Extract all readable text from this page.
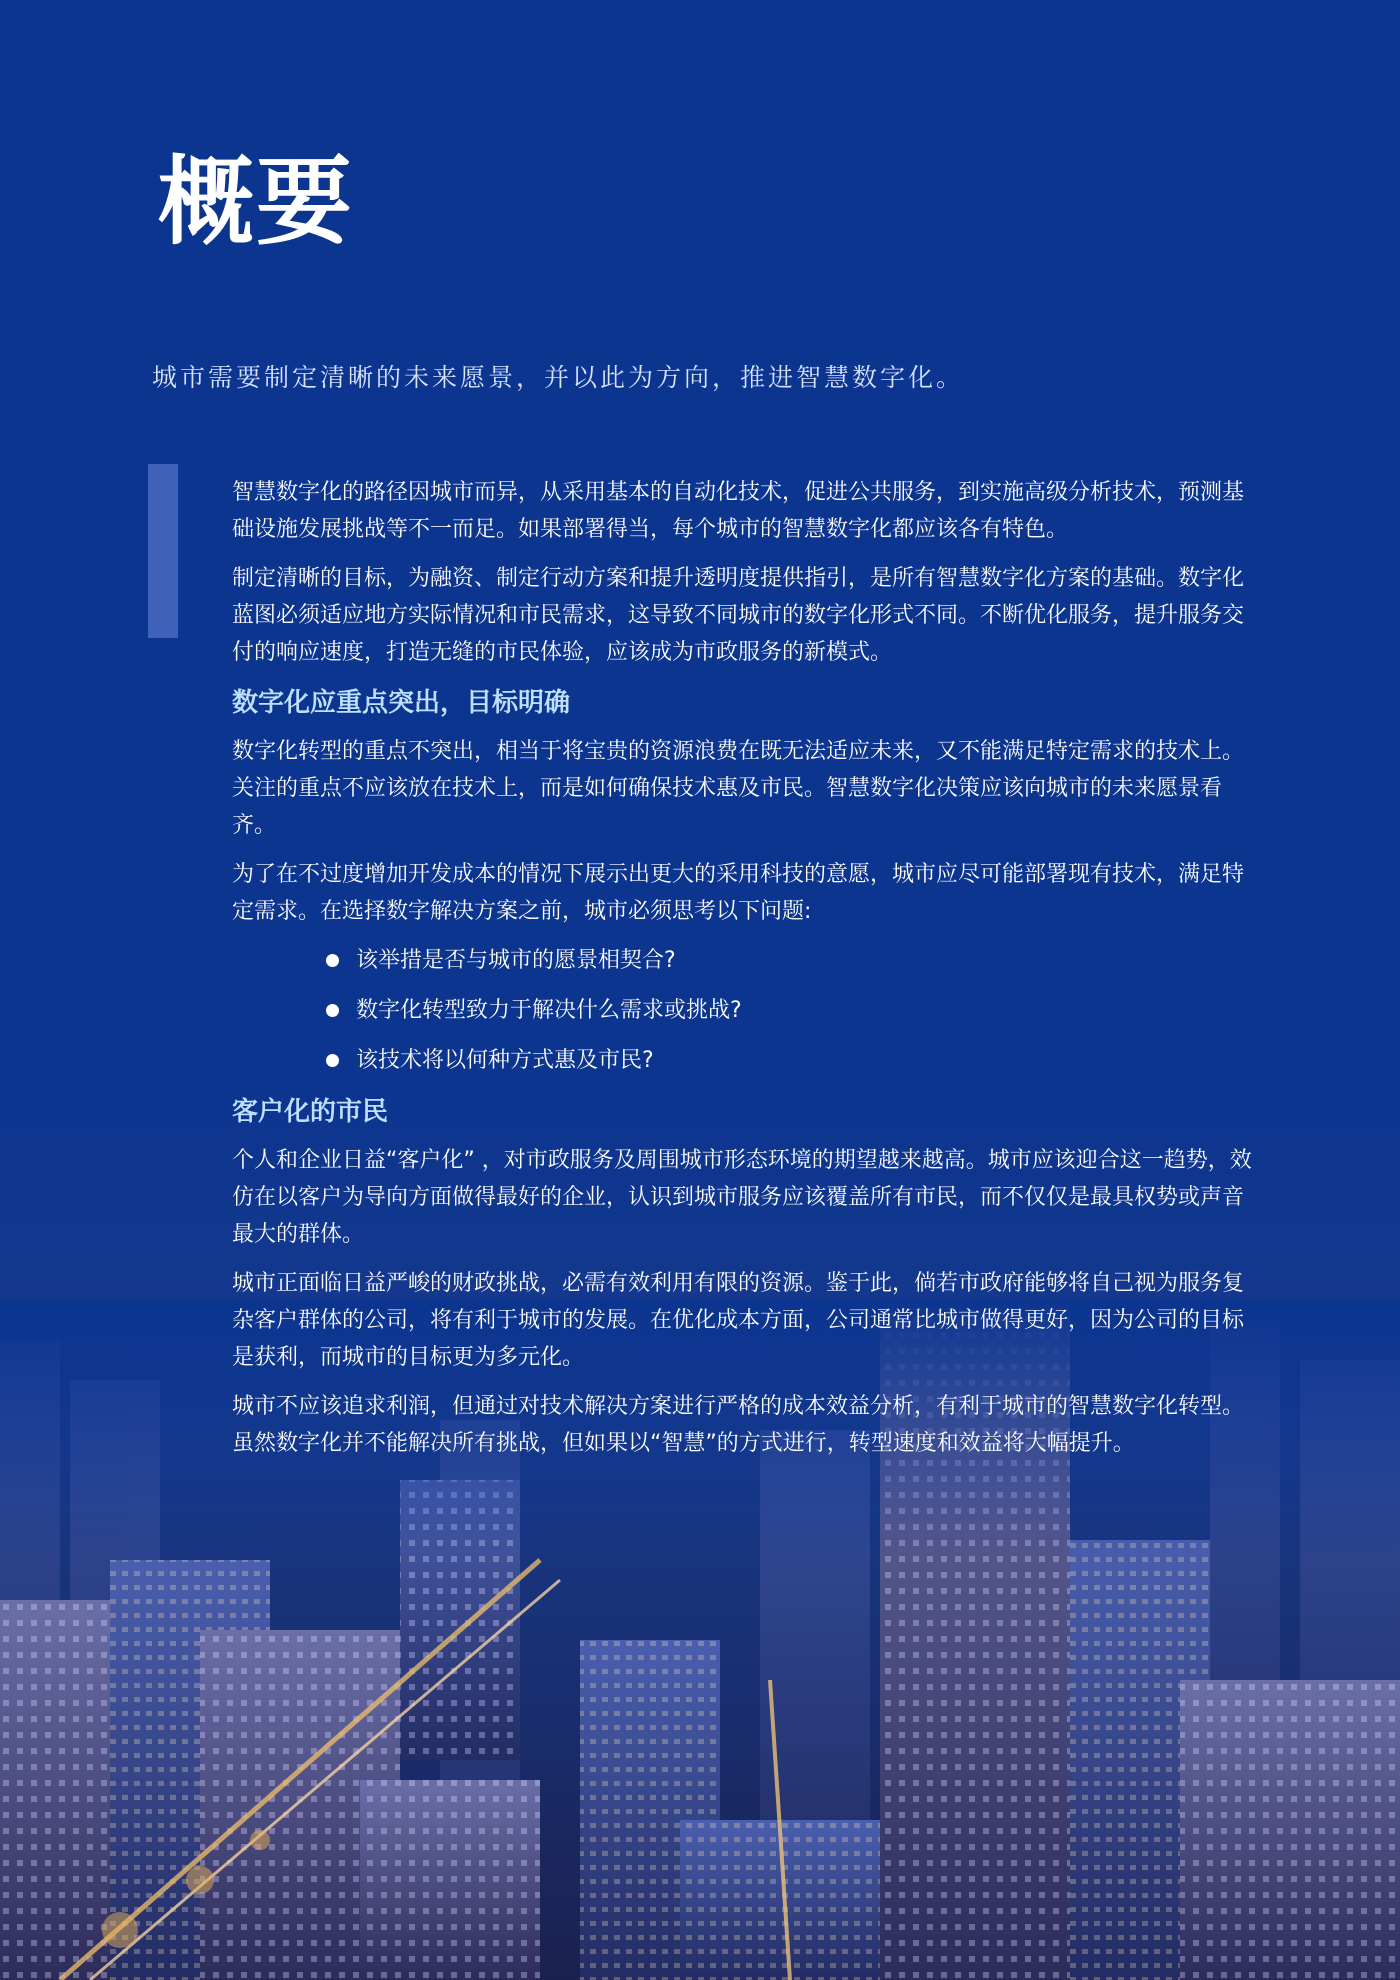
概要
城市需要制定清晰的未来愿景，并以此为方向，推进智慧数字化。

智慧数字化的路径因城市而异，从采用基本的自动化技术，促进公共服务，到实施高级分析技术，预测基础设施发展挑战等不一而足。如果部署得当，每个城市的智慧数字化都应该各有特色。

制定清晰的目标，为融资、制定行动方案和提升透明度提供指引，是所有智慧数字化方案的基础。数字化蓝图必须适应地方实际情况和市民需求，这导致不同城市的数字化形式不同。不断优化服务，提升服务交付的响应速度，打造无缝的市民体验，应该成为市政服务的新模式。

数字化应重点突出，目标明确

数字化转型的重点不突出，相当于将宝贵的资源浪费在既无法适应未来，又不能满足特定需求的技术上。关注的重点不应该放在技术上，而是如何确保技术惠及市民。智慧数字化决策应该向城市的未来愿景看齐。

为了在不过度增加开发成本的情况下展示出更大的采用科技的意愿，城市应尽可能部署现有技术，满足特定需求。在选择数字解决方案之前，城市必须思考以下问题:

该举措是否与城市的愿景相契合?
数字化转型致力于解决什么需求或挑战?
该技术将以何种方式惠及市民?
客户化的市民

个人和企业日益“客户化” ，对市政服务及周围城市形态环境的期望越来越高。城市应该迎合这一趋势，效仿在以客户为导向方面做得最好的企业，认识到城市服务应该覆盖所有市民，而不仅仅是最具权势或声音最大的群体。

城市正面临日益严峻的财政挑战，必需有效利用有限的资源。鉴于此，倘若市政府能够将自己视为服务复杂客户群体的公司，将有利于城市的发展。在优化成本方面，公司通常比城市做得更好，因为公司的目标是获利，而城市的目标更为多元化。

城市不应该追求利润，但通过对技术解决方案进行严格的成本效益分析，有利于城市的智慧数字化转型。虽然数字化并不能解决所有挑战，但如果以“智慧”的方式进行，转型速度和效益将大幅提升。
